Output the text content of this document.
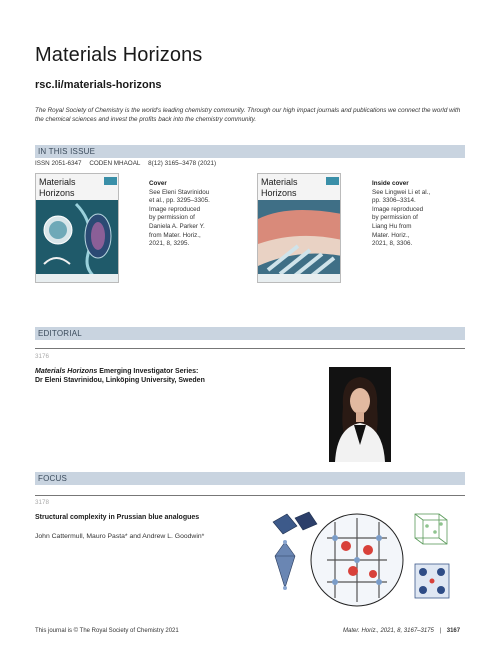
Materials Horizons
rsc.li/materials-horizons
The Royal Society of Chemistry is the world's leading chemistry community. Through our high impact journals and publications we connect the world with the chemical sciences and invest the profits back into the chemistry community.
IN THIS ISSUE
ISSN 2051-6347 CODEN MHAOAL 8(12) 3165–3478 (2021)
Materials
Horizons
Cover
See Eleni Stavrinidou
et al., pp. 3295–3305.
Image reproduced
by permission of
Daniela A. Parker Y.
from Mater. Horiz.,
2021, 8, 3295.
Materials
Horizons
Inside cover
See Lingwei Li et al.,
pp. 3306–3314.
Image reproduced
by permission of
Liang Hu from
Mater. Horiz.,
2021, 8, 3306.
EDITORIAL
3176
Materials Horizons Emerging Investigator Series:
Dr Eleni Stavrinidou, Linköping University, Sweden
FOCUS
3178
Structural complexity in Prussian blue analogues
John Cattermull, Mauro Pasta* and Andrew L. Goodwin*
This journal is © The Royal Society of Chemistry 2021	Mater. Horiz., 2021, 8, 3167–3175 | 3167
